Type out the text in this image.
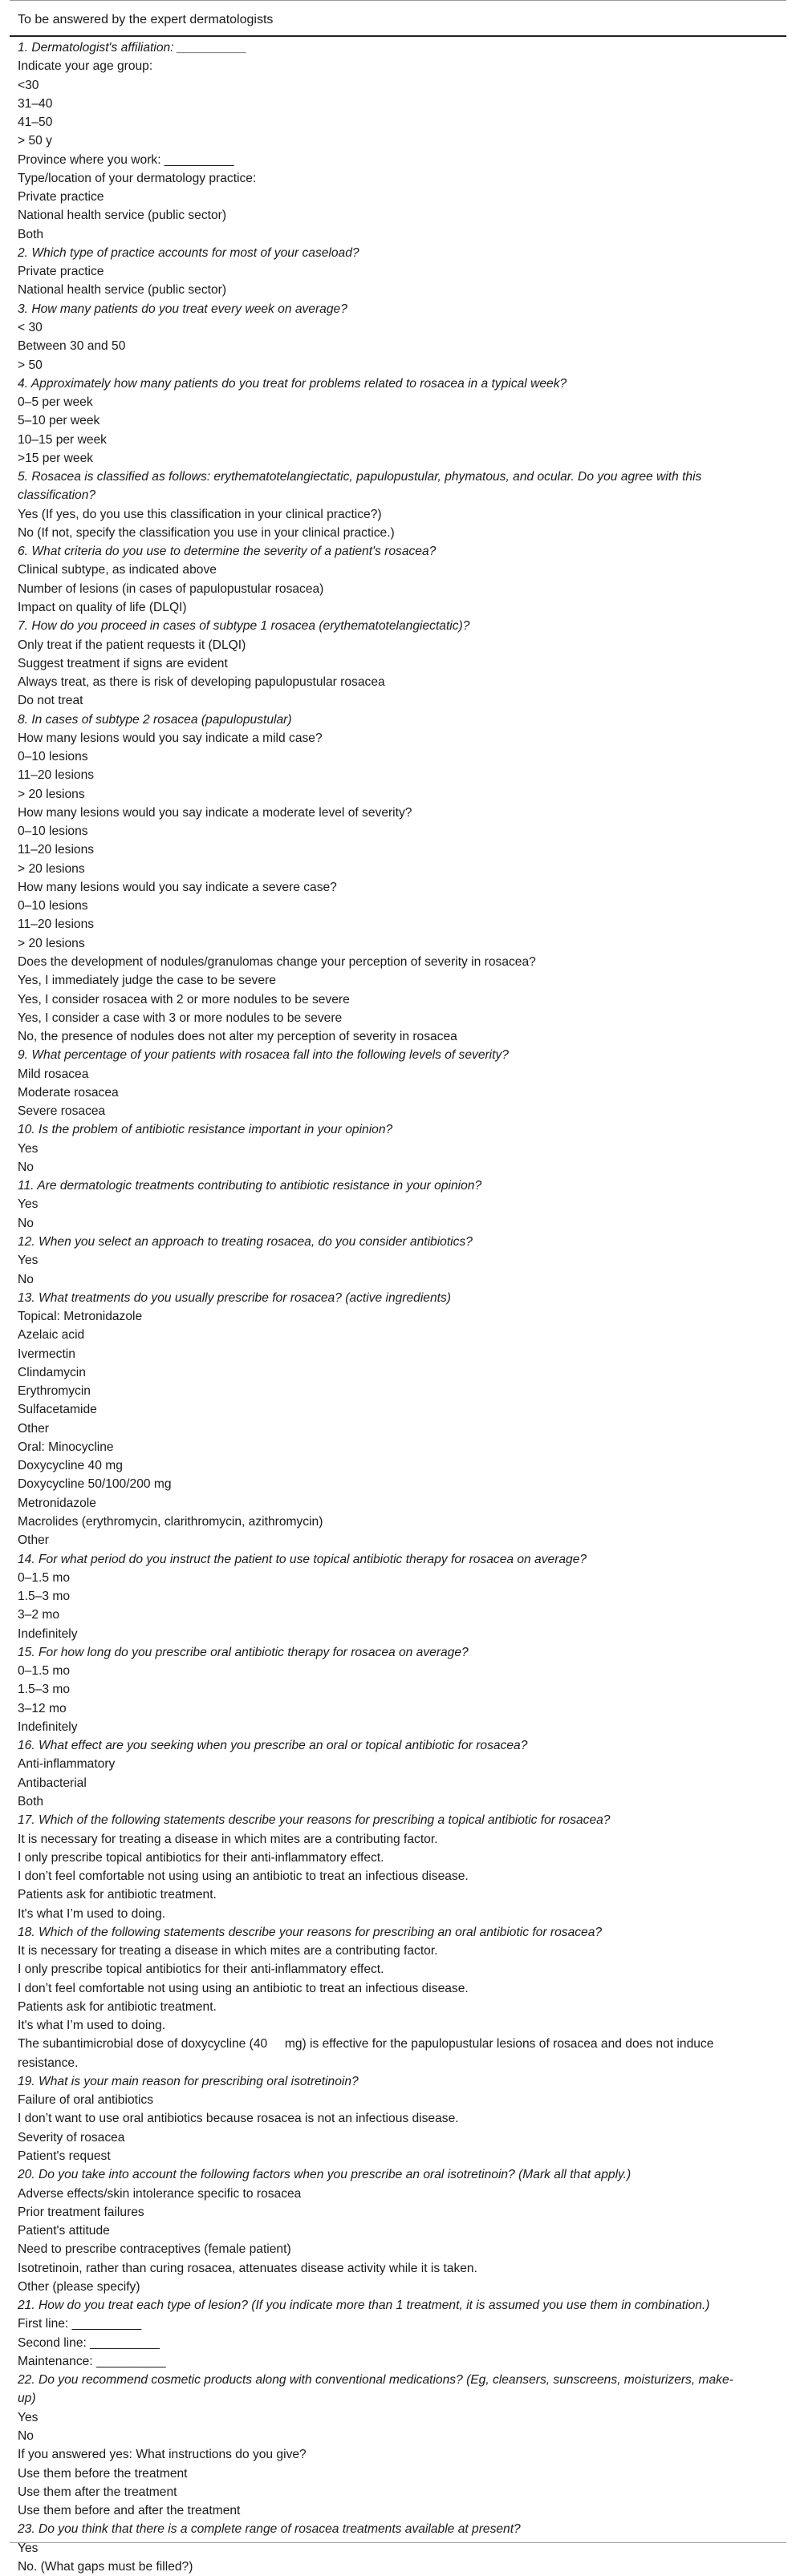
To be answered by the expert dermatologists
1. Dermatologist's affiliation: __________
Indicate your age group:
<30
31–40
41–50
> 50 y
Province where you work: __________
Type/location of your dermatology practice:
Private practice
National health service (public sector)
Both
2. Which type of practice accounts for most of your caseload?
Private practice
National health service (public sector)
3. How many patients do you treat every week on average?
< 30
Between 30 and 50
> 50
4. Approximately how many patients do you treat for problems related to rosacea in a typical week?
0–5 per week
5–10 per week
10–15 per week
>15 per week
5. Rosacea is classified as follows: erythematotelangiectatic, papulopustular, phymatous, and ocular. Do you agree with this
classification?
Yes (If yes, do you use this classification in your clinical practice?)
No (If not, specify the classification you use in your clinical practice.)
6. What criteria do you use to determine the severity of a patient's rosacea?
Clinical subtype, as indicated above
Number of lesions (in cases of papulopustular rosacea)
Impact on quality of life (DLQI)
7. How do you proceed in cases of subtype 1 rosacea (erythematotelangiectatic)?
Only treat if the patient requests it (DLQI)
Suggest treatment if signs are evident
Always treat, as there is risk of developing papulopustular rosacea
Do not treat
8. In cases of subtype 2 rosacea (papulopustular)
How many lesions would you say indicate a mild case?
0–10 lesions
11–20 lesions
> 20 lesions
How many lesions would you say indicate a moderate level of severity?
0–10 lesions
11–20 lesions
> 20 lesions
How many lesions would you say indicate a severe case?
0–10 lesions
11–20 lesions
> 20 lesions
Does the development of nodules/granulomas change your perception of severity in rosacea?
Yes, I immediately judge the case to be severe
Yes, I consider rosacea with 2 or more nodules to be severe
Yes, I consider a case with 3 or more nodules to be severe
No, the presence of nodules does not alter my perception of severity in rosacea
9. What percentage of your patients with rosacea fall into the following levels of severity?
Mild rosacea
Moderate rosacea
Severe rosacea
10. Is the problem of antibiotic resistance important in your opinion?
Yes
No
11. Are dermatologic treatments contributing to antibiotic resistance in your opinion?
Yes
No
12. When you select an approach to treating rosacea, do you consider antibiotics?
Yes
No
13. What treatments do you usually prescribe for rosacea? (active ingredients)
Topical: Metronidazole
Azelaic acid
Ivermectin
Clindamycin
Erythromycin
Sulfacetamide
Other
Oral: Minocycline
Doxycycline 40 mg
Doxycycline 50/100/200 mg
Metronidazole
Macrolides (erythromycin, clarithromycin, azithromycin)
Other
14. For what period do you instruct the patient to use topical antibiotic therapy for rosacea on average?
0–1.5 mo
1.5–3 mo
3–2 mo
Indefinitely
15. For how long do you prescribe oral antibiotic therapy for rosacea on average?
0–1.5 mo
1.5–3 mo
3–12 mo
Indefinitely
16. What effect are you seeking when you prescribe an oral or topical antibiotic for rosacea?
Anti-inflammatory
Antibacterial
Both
17. Which of the following statements describe your reasons for prescribing a topical antibiotic for rosacea?
It is necessary for treating a disease in which mites are a contributing factor.
I only prescribe topical antibiotics for their anti-inflammatory effect.
I don’t feel comfortable not using using an antibiotic to treat an infectious disease.
Patients ask for antibiotic treatment.
It's what I’m used to doing.
18. Which of the following statements describe your reasons for prescribing an oral antibiotic for rosacea?
It is necessary for treating a disease in which mites are a contributing factor.
I only prescribe topical antibiotics for their anti-inflammatory effect.
I don’t feel comfortable not using using an antibiotic to treat an infectious disease.
Patients ask for antibiotic treatment.
It's what I’m used to doing.
The subantimicrobial dose of doxycycline (40     mg) is effective for the papulopustular lesions of rosacea and does not induce
resistance.
19. What is your main reason for prescribing oral isotretinoin?
Failure of oral antibiotics
I don’t want to use oral antibiotics because rosacea is not an infectious disease.
Severity of rosacea
Patient's request
20. Do you take into account the following factors when you prescribe an oral isotretinoin? (Mark all that apply.)
Adverse effects/skin intolerance specific to rosacea
Prior treatment failures
Patient's attitude
Need to prescribe contraceptives (female patient)
Isotretinoin, rather than curing rosacea, attenuates disease activity while it is taken.
Other (please specify)
21. How do you treat each type of lesion? (If you indicate more than 1 treatment, it is assumed you use them in combination.)
First line: __________
Second line: __________
Maintenance: __________
22. Do you recommend cosmetic products along with conventional medications? (Eg, cleansers, sunscreens, moisturizers, make-
up)
Yes
No
If you answered yes: What instructions do you give?
Use them before the treatment
Use them after the treatment
Use them before and after the treatment
23. Do you think that there is a complete range of rosacea treatments available at present?
Yes
No. (What gaps must be filled?)
